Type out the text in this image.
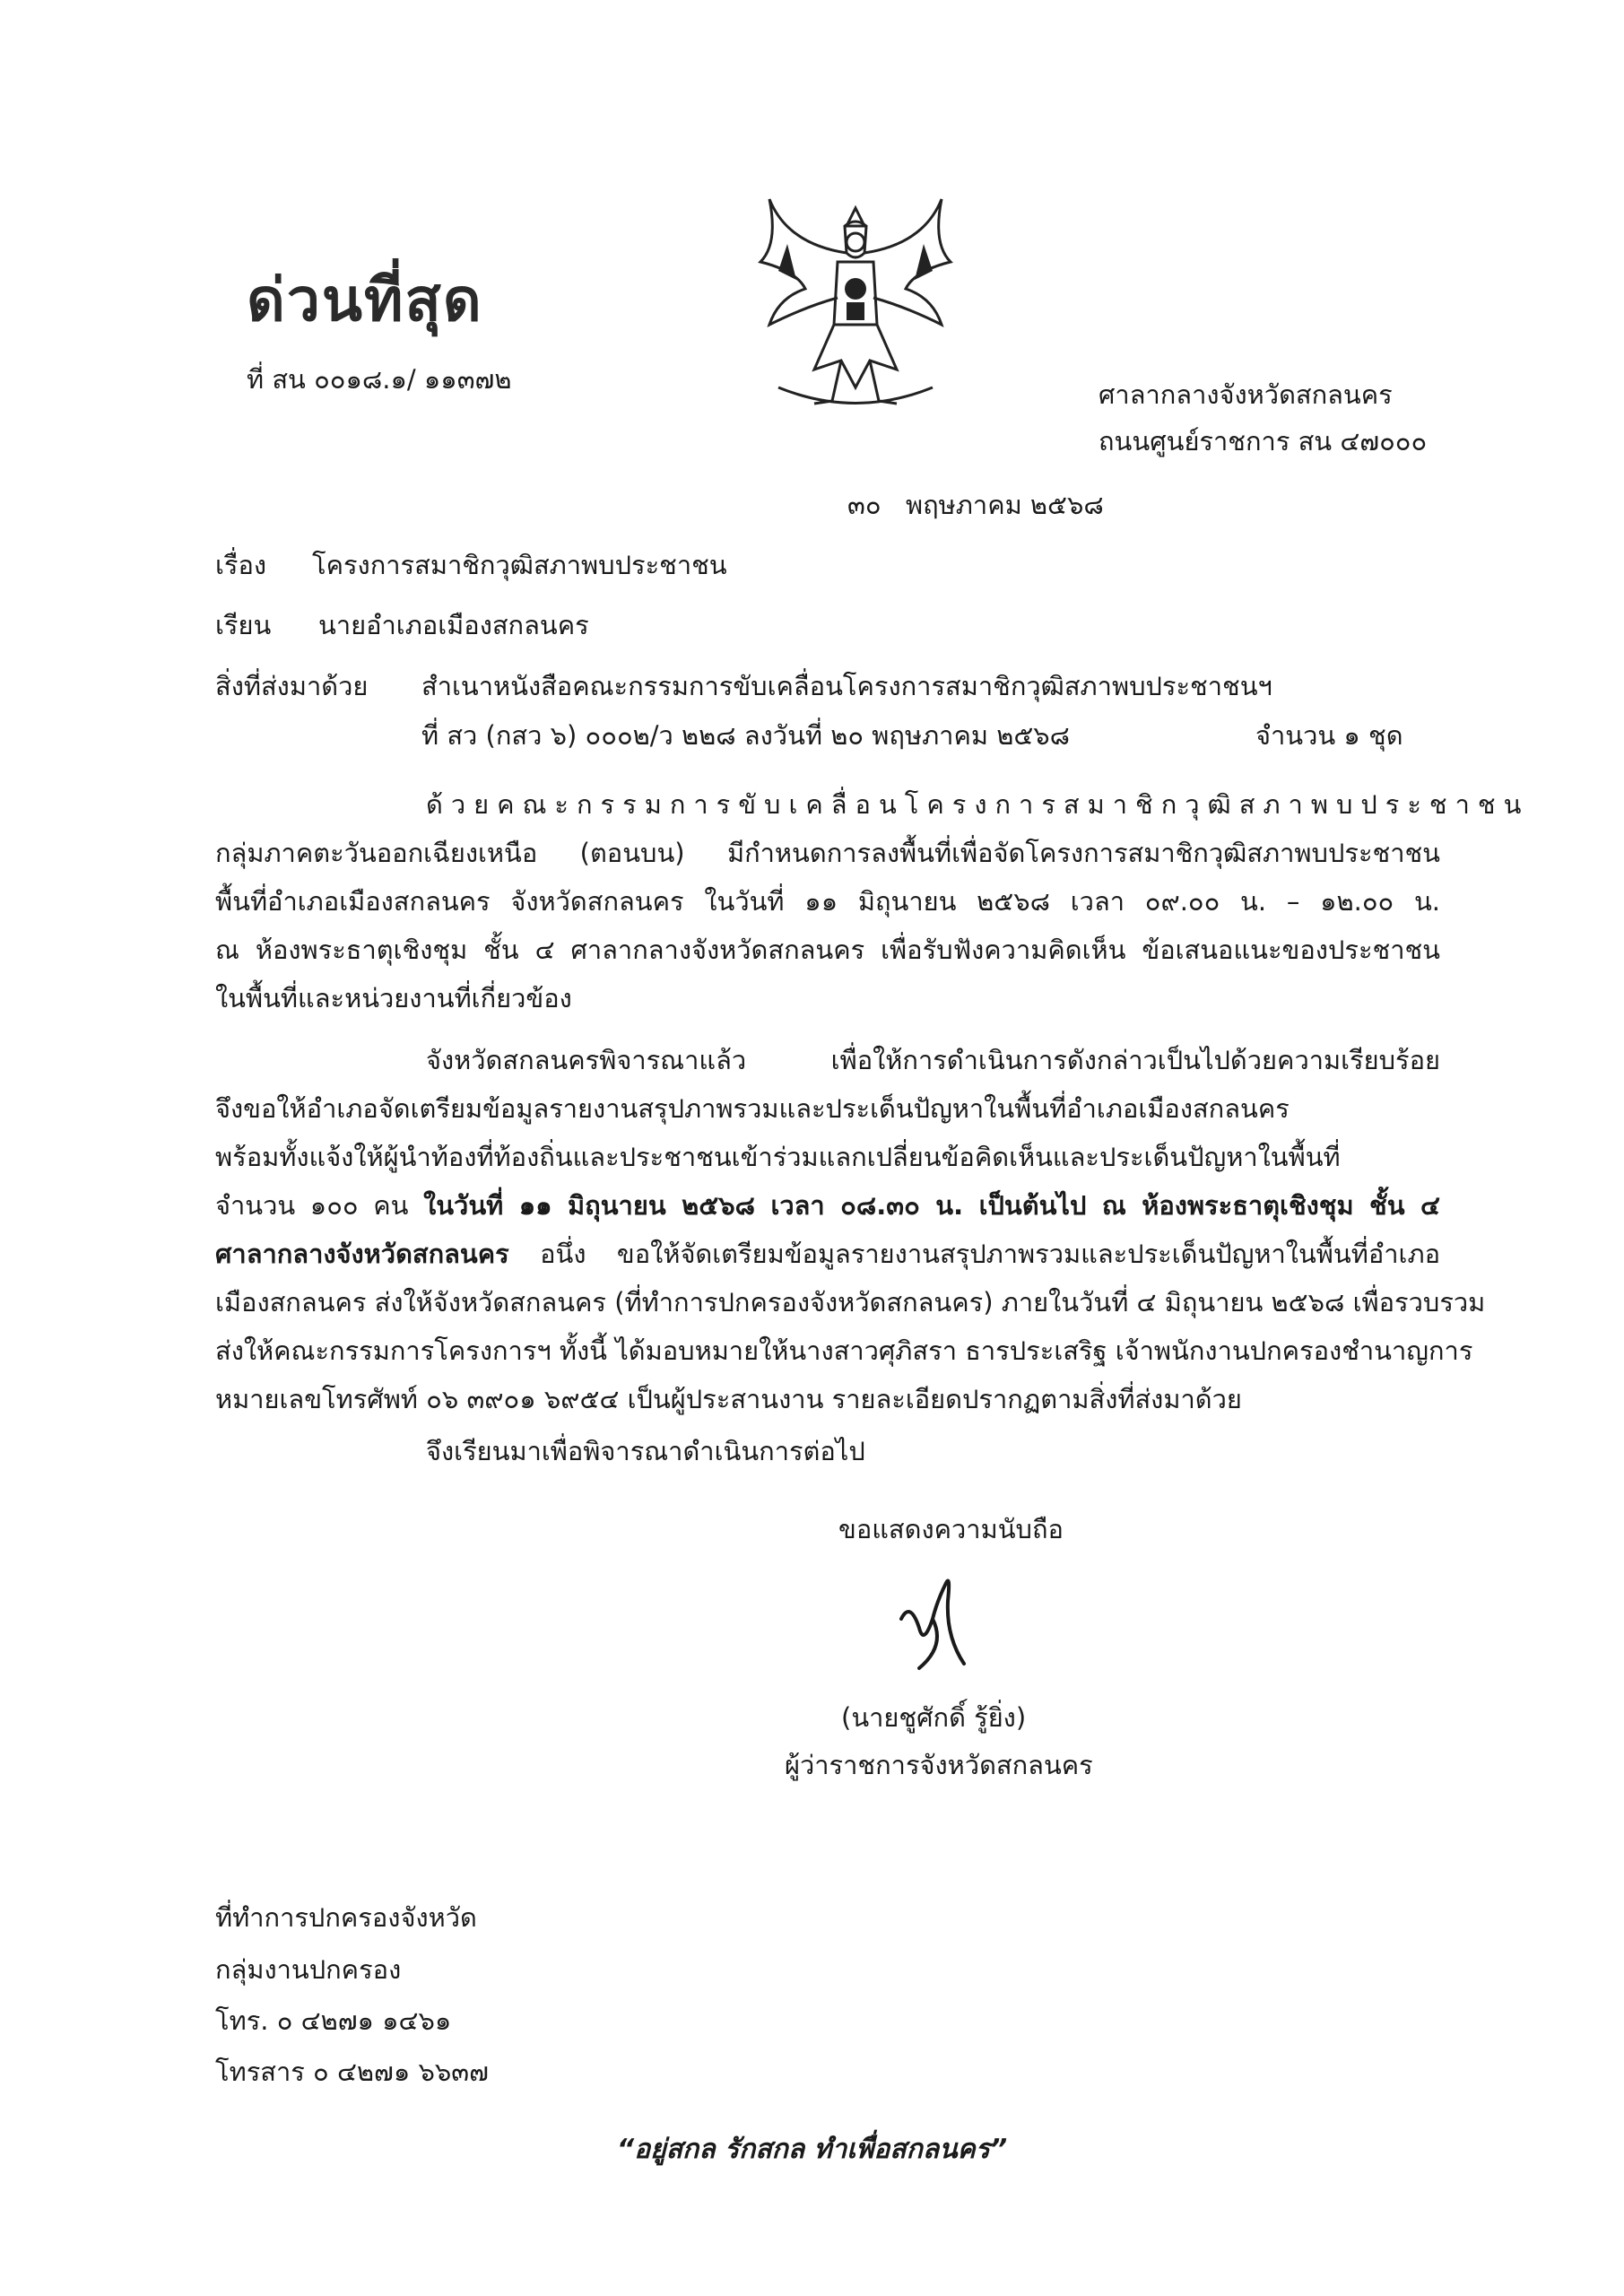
ด่วนที่สุด
ที่ สน ๐๐๑๘.๑/ ๑๑๓๗๒	ศาลากลางจังหวัดสกลนคร
ถนนศูนย์ราชการ สน ๔๗๐๐๐
๓๐ พฤษภาคม ๒๕๖๘
เรื่อง โครงการสมาชิกวุฒิสภาพบประชาชน
เรียน นายอำเภอเมืองสกลนคร
สิ่งที่ส่งมาด้วย สำเนาหนังสือคณะกรรมการขับเคลื่อนโครงการสมาชิกวุฒิสภาพบประชาชนฯ
ที่ สว (กสว ๖) ๐๐๐๒/ว ๒๒๘ ลงวันที่ ๒๐ พฤษภาคม ๒๕๖๘	จำนวน ๑ ชุด
ด้วยคณะกรรมการขับเคลื่อนโครงการสมาชิกวุฒิสภาพบประชาชน
กลุ่มภาคตะวันออกเฉียงเหนือ (ตอนบน) มีกำหนดการลงพื้นที่เพื่อจัดโครงการสมาชิกวุฒิสภาพบประชาชน
พื้นที่อำเภอเมืองสกลนคร จังหวัดสกลนคร ในวันที่ ๑๑ มิถุนายน ๒๕๖๘ เวลา ๐๙.๐๐ น. – ๑๒.๐๐ น.
ณ ห้องพระธาตุเชิงชุม ชั้น ๔ ศาลากลางจังหวัดสกลนคร เพื่อรับฟังความคิดเห็น ข้อเสนอแนะของประชาชน
ในพื้นที่และหน่วยงานที่เกี่ยวข้อง
จังหวัดสกลนครพิจารณาแล้ว เพื่อให้การดำเนินการดังกล่าวเป็นไปด้วยความเรียบร้อย
จึงขอให้อำเภอจัดเตรียมข้อมูลรายงานสรุปภาพรวมและประเด็นปัญหาในพื้นที่อำเภอเมืองสกลนคร
พร้อมทั้งแจ้งให้ผู้นำท้องที่ท้องถิ่นและประชาชนเข้าร่วมแลกเปลี่ยนข้อคิดเห็นและประเด็นปัญหาในพื้นที่
จำนวน ๑๐๐ คน ในวันที่ ๑๑ มิถุนายน ๒๕๖๘ เวลา ๐๘.๓๐ น. เป็นต้นไป ณ ห้องพระธาตุเชิงชุม ชั้น ๔
ศาลากลางจังหวัดสกลนคร อนึ่ง ขอให้จัดเตรียมข้อมูลรายงานสรุปภาพรวมและประเด็นปัญหาในพื้นที่อำเภอ
เมืองสกลนคร ส่งให้จังหวัดสกลนคร (ที่ทำการปกครองจังหวัดสกลนคร) ภายในวันที่ ๔ มิถุนายน ๒๕๖๘ เพื่อรวบรวม
ส่งให้คณะกรรมการโครงการฯ ทั้งนี้ ได้มอบหมายให้นางสาวศุภิสรา ธารประเสริฐ เจ้าพนักงานปกครองชำนาญการ
หมายเลขโทรศัพท์ ๐๖ ๓๙๐๑ ๖๙๕๔ เป็นผู้ประสานงาน รายละเอียดปรากฏตามสิ่งที่ส่งมาด้วย
จึงเรียนมาเพื่อพิจารณาดำเนินการต่อไป
ขอแสดงความนับถือ
(นายชูศักดิ์ รู้ยิ่ง)
ผู้ว่าราชการจังหวัดสกลนคร
ที่ทำการปกครองจังหวัด
กลุ่มงานปกครอง
โทร. ๐ ๔๒๗๑ ๑๔๖๑
โทรสาร ๐ ๔๒๗๑ ๖๖๓๗
“อยู่สกล รักสกล ทำเพื่อสกลนคร”
